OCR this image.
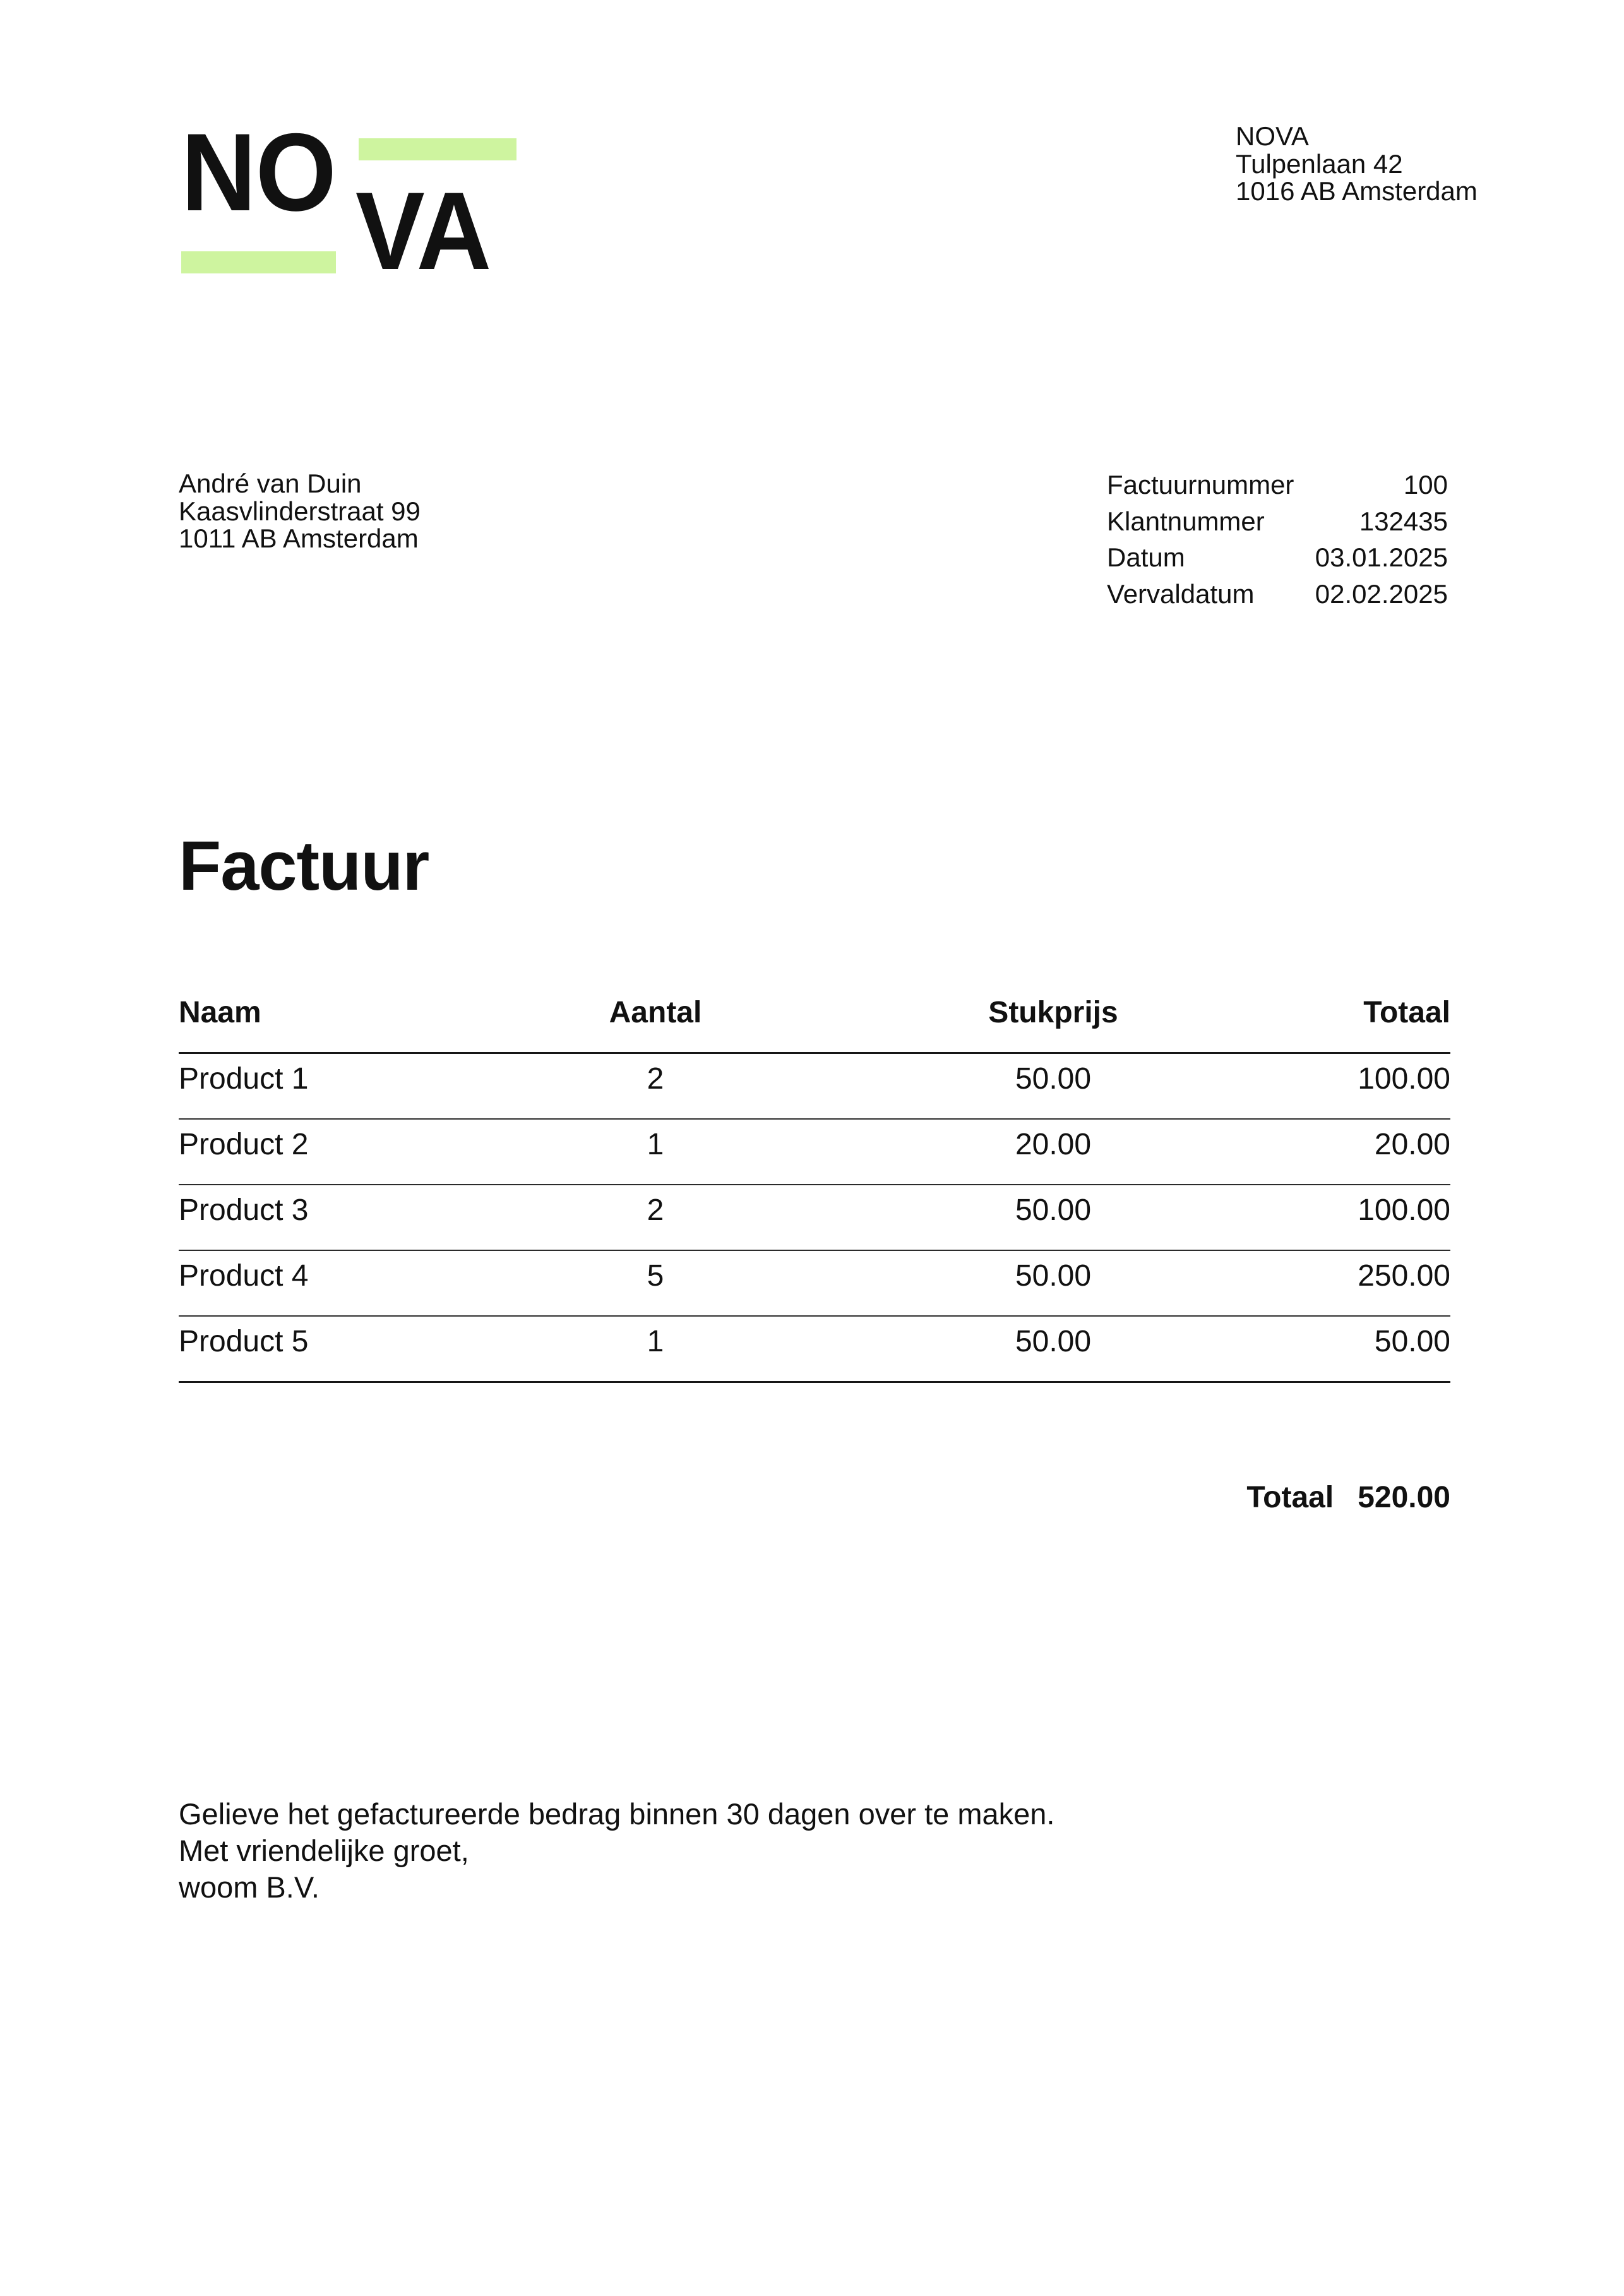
NO VA
NOVA
Tulpenlaan 42
1016 AB Amsterdam
André van Duin
Kaasvlinderstraat 99
1011 AB Amsterdam
Factuurnummer	100
Klantnummer	132435
Datum	03.01.2025
Vervaldatum 02.02.2025
Factuur
Naam	Aantal	Stukprijs	Totaal
Product 1	2	50.00	100.00
Product 2	1	20.00	20.00
Product 3	2	50.00	100.00
Product 4	5	50.00	250.00
Product 5	1	50.00	50.00
Totaal 520.00
Gelieve het gefactureerde bedrag binnen 30 dagen over te maken.
Met vriendelijke groet,
woom B.V.
